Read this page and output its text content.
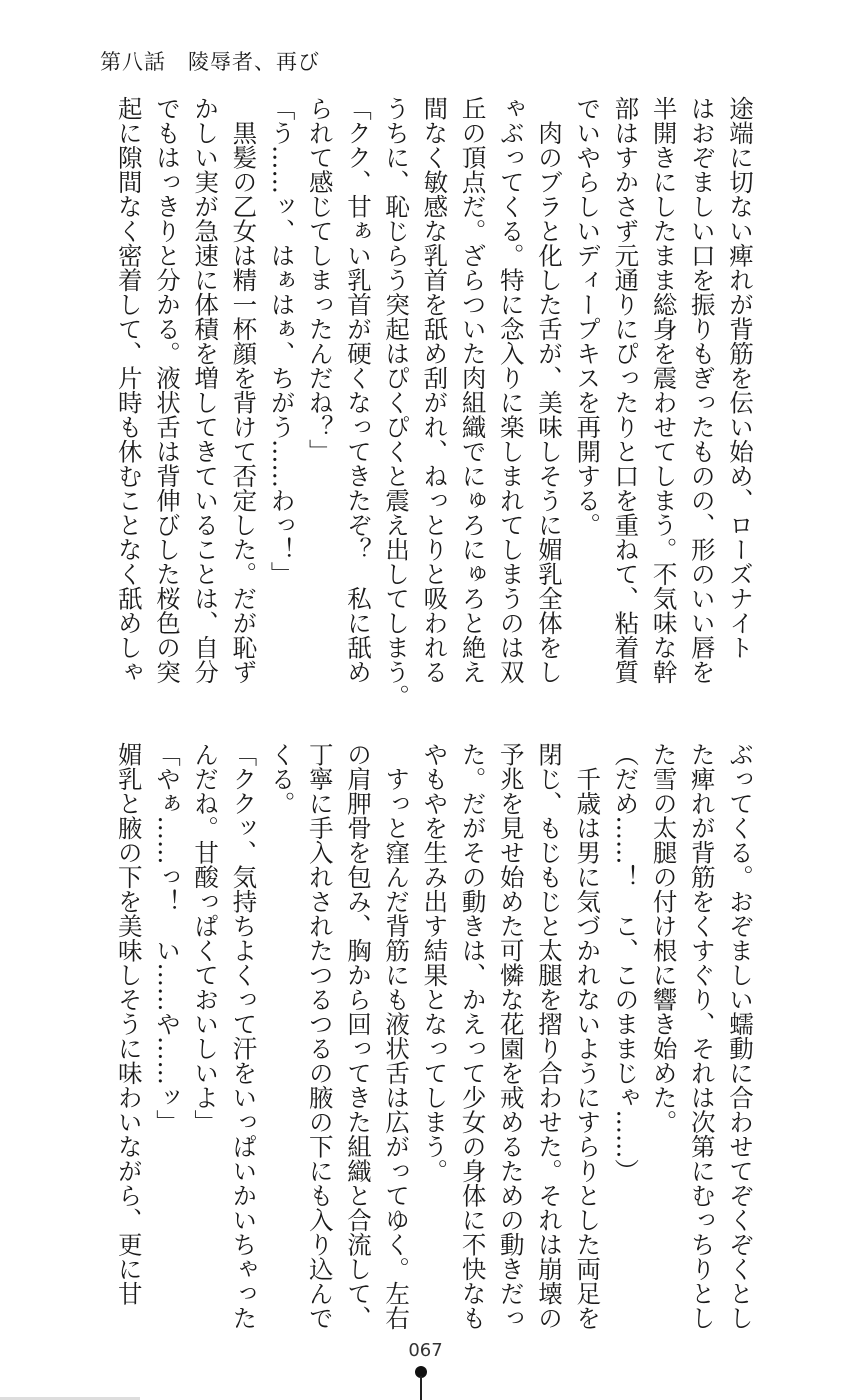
第八話　陵辱者、再び
途端に切ない痺れが背筋を伝い始め、ローズナイト
はおぞましい口を振りもぎったものの、形のいい唇を
半開きにしたまま総身を震わせてしまう。不気味な幹
部はすかさず元通りにぴったりと口を重ねて、粘着質
でいやらしいディープキスを再開する。
　肉のブラと化した舌が、美味しそうに媚乳全体をし
ゃぶってくる。特に念入りに楽しまれてしまうのは双
丘の頂点だ。ざらついた肉組織でにゅろにゅろと絶え
間なく敏感な乳首を舐め刮がれ、ねっとりと吸われる
うちに、恥じらう突起はぴくぴくと震え出してしまう。
「クク、甘ぁい乳首が硬くなってきたぞ？　私に舐め
られて感じてしまったんだね？」
「う……ッ、はぁはぁ、ちがう……わっ！」
　黒髪の乙女は精一杯顔を背けて否定した。だが恥ず
かしい実が急速に体積を増してきていることは、自分
でもはっきりと分かる。液状舌は背伸びした桜色の突
起に隙間なく密着して、片時も休むことなく舐めしゃ
ぶってくる。おぞましい蠕動に合わせてぞくぞくとし
た痺れが背筋をくすぐり、それは次第にむっちりとし
た雪の太腿の付け根に響き始めた。
（だめ……！　こ、このままじゃ……）
　千歳は男に気づかれないようにすらりとした両足を
閉じ、もじもじと太腿を摺り合わせた。それは崩壊の
予兆を見せ始めた可憐な花園を戒めるための動きだっ
た。だがその動きは、かえって少女の身体に不快なも
やもやを生み出す結果となってしまう。
　すっと窪んだ背筋にも液状舌は広がってゆく。左右
の肩胛骨を包み、胸から回ってきた組織と合流して、
丁寧に手入れされたつるつるの腋の下にも入り込んで
くる。
「ククッ、気持ちよくって汗をいっぱいかいちゃった
んだね。甘酸っぱくておいしいよ」
「やぁ……っ！　い……や……ッ」
媚乳と腋の下を美味しそうに味わいながら、更に甘
067
